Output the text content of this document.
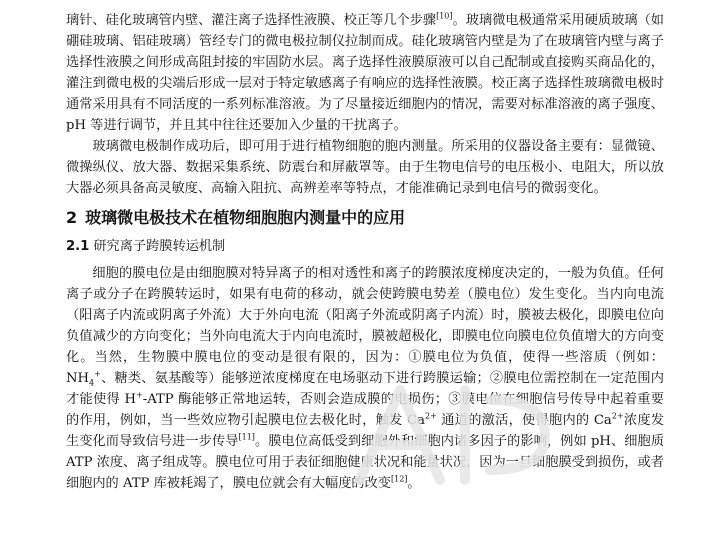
璃针、硅化玻璃管内壁、灌注离子选择性液膜、校正等几个步骤[10]。玻璃微电极通常采用硬质玻璃（如硼硅玻璃、铝硅玻璃）管经专门的微电极拉制仪拉制而成。硅化玻璃管内壁是为了在玻璃管内壁与离子选择性液膜之间形成高阻封接的牢固防水层。离子选择性液膜原液可以自己配制或直接购买商品化的，灌注到微电极的尖端后形成一层对于特定敏感离子有响应的选择性液膜。校正离子选择性玻璃微电极时通常采用具有不同活度的一系列标准溶液。为了尽量接近细胞内的情况，需要对标准溶液的离子强度、pH 等进行调节，并且其中往往还要加入少量的干扰离子。

玻璃微电极制作成功后，即可用于进行植物细胞的胞内测量。所采用的仪器设备主要有：显微镜、微操纵仪、放大器、数据采集系统、防震台和屏蔽罩等。由于生物电信号的电压极小、电阻大，所以放大器必须具备高灵敏度、高输入阻抗、高辨差率等特点，才能准确记录到电信号的微弱变化。

2 玻璃微电极技术在植物细胞胞内测量中的应用
2.1 研究离子跨膜转运机制

细胞的膜电位是由细胞膜对特异离子的相对透性和离子的跨膜浓度梯度决定的，一般为负值。任何离子或分子在跨膜转运时，如果有电荷的移动，就会使跨膜电势差（膜电位）发生变化。当内向电流（阳离子内流或阴离子外流）大于外向电流（阳离子外流或阴离子内流）时，膜被去极化，即膜电位向负值减少的方向变化；当外向电流大于内向电流时，膜被超极化，即膜电位向膜电位负值增大的方向变化。当然，生物膜中膜电位的变动是很有限的，因为：①膜电位为负值，使得一些溶质（例如：$NH_4^+$、糖类、氨基酸等）能够逆浓度梯度在电场驱动下进行跨膜运输；②膜电位需控制在一定范围内才能使得 H+-ATP 酶能够正常地运转，否则会造成膜的电损伤；③膜电位在细胞信号传导中起着重要的作用，例如，当一些效应物引起膜电位去极化时，触发 $Ca^{2+}$ 通道的激活，使得胞内的 $Ca^{2+}$浓度发生变化而导致信号进一步传导[11]。膜电位高低受到细胞外和细胞内诸多因子的影响，例如 pH、细胞质 ATP 浓度、离子组成等。膜电位可用于表征细胞健康状况和能量状况，因为一旦细胞膜受到损伤，或者细胞内的 ATP 库被耗竭了，膜电位就会有大幅度的改变[12]。
